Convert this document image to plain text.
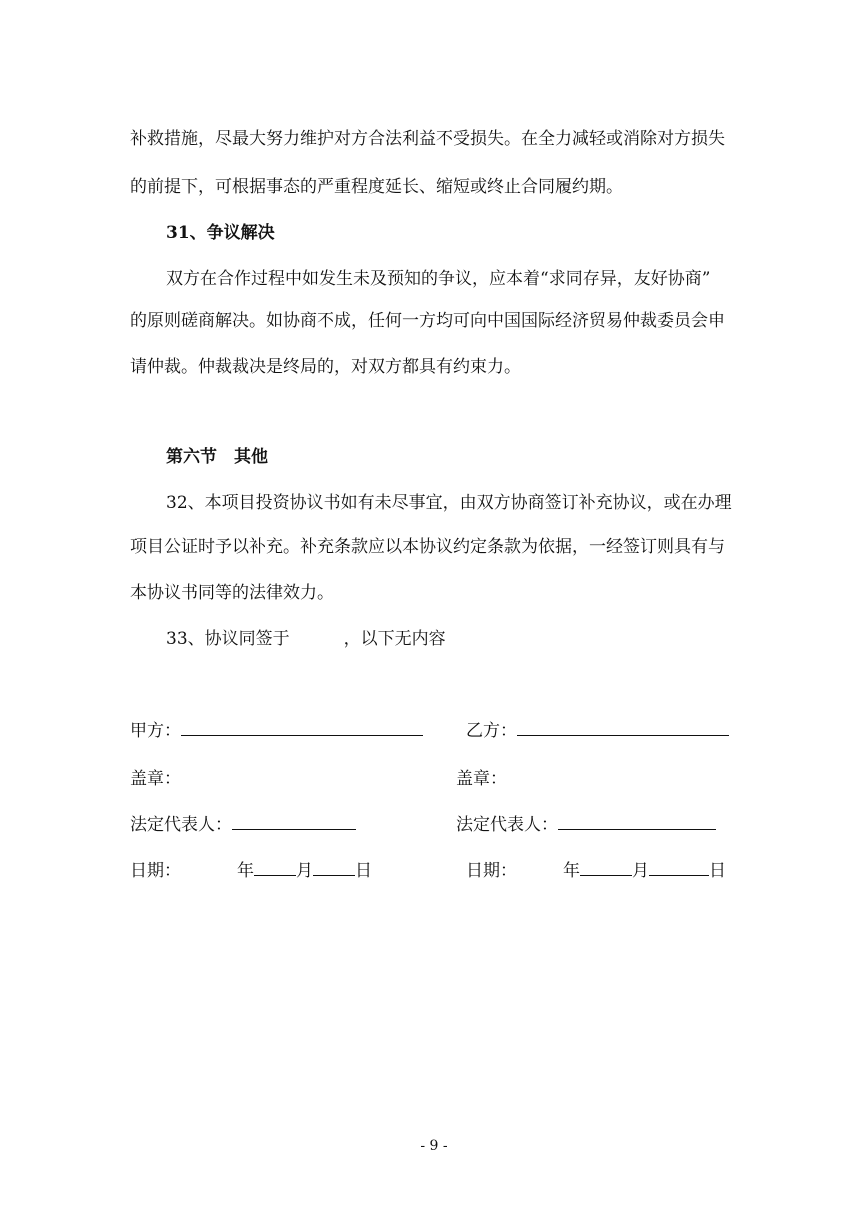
补救措施，尽最大努力维护对方合法利益不受损失。在全力减轻或消除对方损失
的前提下，可根据事态的严重程度延长、缩短或终止合同履约期。
31、争议解决
双方在合作过程中如发生未及预知的争议，应本着“求同存异，友好协商”
的原则磋商解决。如协商不成，任何一方均可向中国国际经济贸易仲裁委员会申
请仲裁。仲裁裁决是终局的，对双方都具有约束力。
第六节　其他
32、本项目投资协议书如有未尽事宜，由双方协商签订补充协议，或在办理
项目公证时予以补充。补充条款应以本协议约定条款为依据，一经签订则具有与
本协议书同等的法律效力。
33、协议同签于	，以下无内容
甲方：	乙方：
盖章：	盖章：
法定代表人：	法定代表人：
日期：	年 月 日	日期：	年	月	日
- 9 -
